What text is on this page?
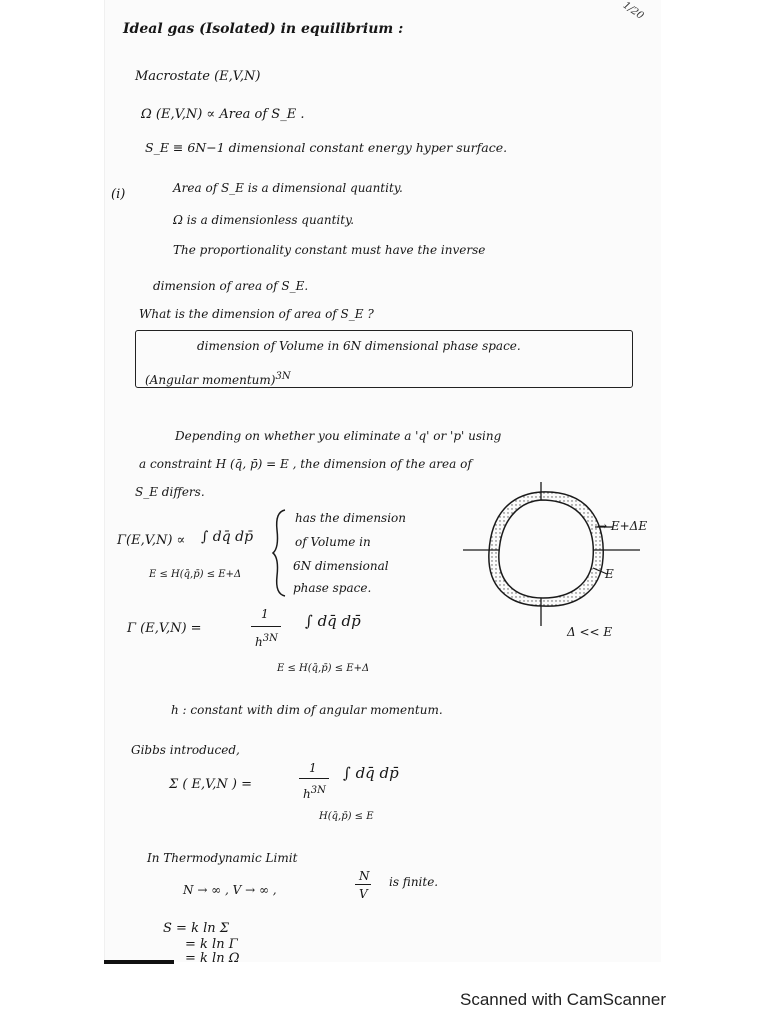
1/20
Ideal gas (Isolated) in equilibrium :
Macrostate (E,V,N)
Ω (E,V,N) ∝ Area of S_E .
S_E ≡ 6N−1 dimensional constant energy hyper surface.
(i)	Area of S_E is a dimensional quantity.
Ω is a dimensionless quantity.
The proportionality constant must have the inverse
dimension of area of S_E.
What is the dimension of area of S_E ?
dimension of Volume in 6N dimensional phase space.
(Angular momentum)$^{3N}$
Depending on whether you eliminate a 'q' or 'p' using
a constraint H (q̄, p̄) = E , the dimension of the area of
S_E differs.
Γ(E,V,N) ∝ ∫ dq̄ dp̄
E ≤ H(q̄,p̄) ≤ E+Δ
has the dimension
of Volume in
6N dimensional
phase space.
→ E+ΔE
E
Δ << E
Γ (E,V,N) =
1
$h^{3N}$
∫ dq̄ dp̄
E ≤ H(q̄,p̄) ≤ E+Δ
h : constant with dim of angular momentum.
Gibbs introduced,
Σ ( E,V,N ) =
1
$h^{3N}$
∫ dq̄ dp̄
H(q̄,p̄) ≤ E
In Thermodynamic Limit
N → ∞ , V → ∞ ,
N
V
is finite.
S = k ln Σ
= k ln Γ
= k ln Ω
Scanned with CamScanner
